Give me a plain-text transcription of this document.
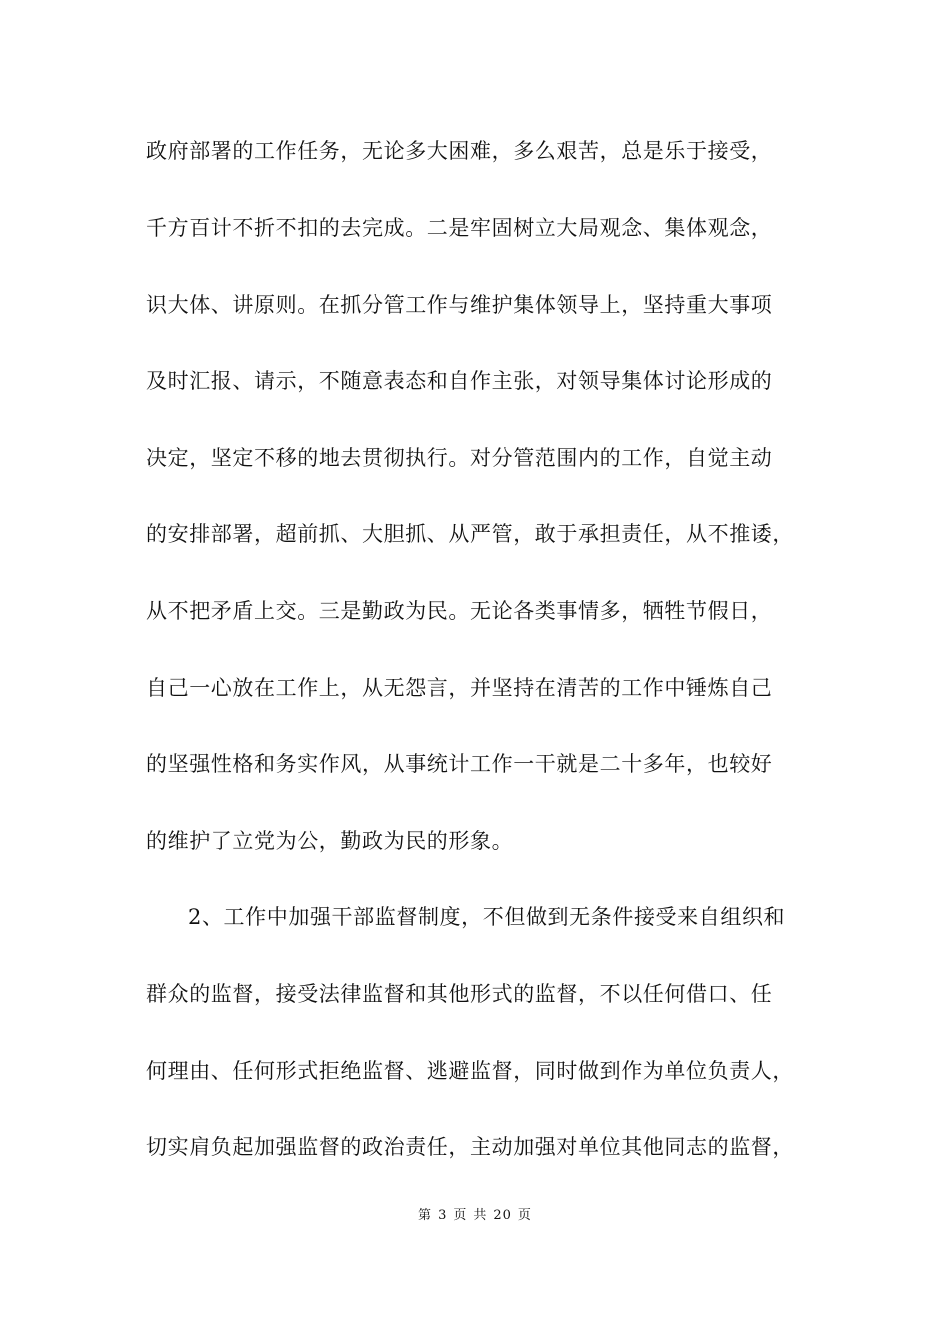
政府部署的工作任务，无论多大困难，多么艰苦，总是乐于接受，
千方百计不折不扣的去完成。二是牢固树立大局观念、集体观念，
识大体、讲原则。在抓分管工作与维护集体领导上，坚持重大事项
及时汇报、请示，不随意表态和自作主张，对领导集体讨论形成的
决定，坚定不移的地去贯彻执行。对分管范围内的工作，自觉主动
的安排部署，超前抓、大胆抓、从严管，敢于承担责任，从不推诿，
从不把矛盾上交。三是勤政为民。无论各类事情多，牺牲节假日，
自己一心放在工作上，从无怨言，并坚持在清苦的工作中锤炼自己
的坚强性格和务实作风，从事统计工作一干就是二十多年，也较好
的维护了立党为公，勤政为民的形象。
2、工作中加强干部监督制度，不但做到无条件接受来自组织和
群众的监督，接受法律监督和其他形式的监督，不以任何借口、任
何理由、任何形式拒绝监督、逃避监督，同时做到作为单位负责人，
切实肩负起加强监督的政治责任，主动加强对单位其他同志的监督，
第 3 页 共 20 页
